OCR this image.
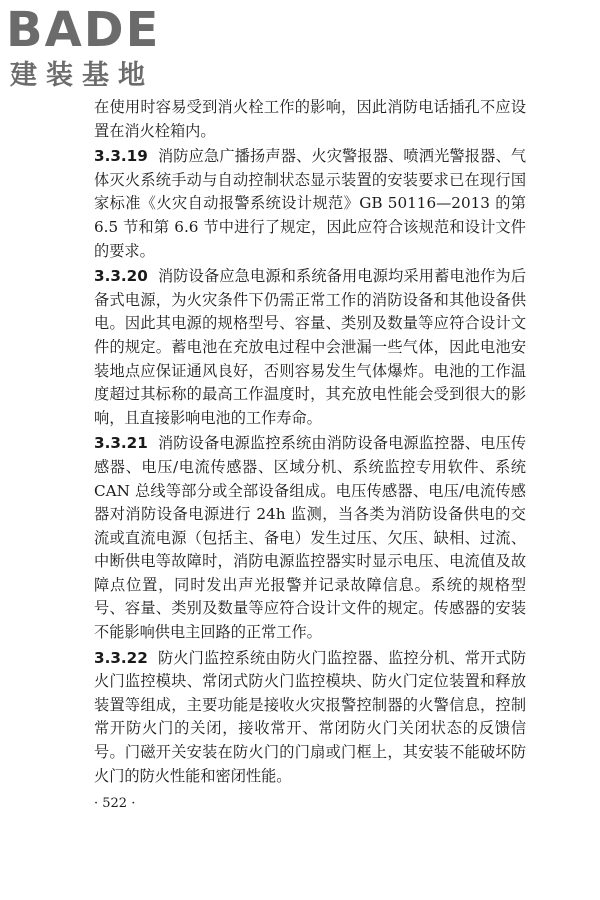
BADE
建装基地

在使用时容易受到消火栓工作的影响，因此消防电话插孔不应设置在消火栓箱内。

3.3.19 消防应急广播扬声器、火灾警报器、喷洒光警报器、气体灭火系统手动与自动控制状态显示装置的安装要求已在现行国家标准《火灾自动报警系统设计规范》GB 50116—2013 的第 6.5 节和第 6.6 节中进行了规定，因此应符合该规范和设计文件的要求。

3.3.20 消防设备应急电源和系统备用电源均采用蓄电池作为后备式电源，为火灾条件下仍需正常工作的消防设备和其他设备供电。因此其电源的规格型号、容量、类别及数量等应符合设计文件的规定。蓄电池在充放电过程中会泄漏一些气体，因此电池安装地点应保证通风良好，否则容易发生气体爆炸。电池的工作温度超过其标称的最高工作温度时，其充放电性能会受到很大的影响，且直接影响电池的工作寿命。

3.3.21 消防设备电源监控系统由消防设备电源监控器、电压传感器、电压/电流传感器、区域分机、系统监控专用软件、系统 CAN 总线等部分或全部设备组成。电压传感器、电压/电流传感器对消防设备电源进行 24h 监测，当各类为消防设备供电的交流或直流电源（包括主、备电）发生过压、欠压、缺相、过流、中断供电等故障时，消防电源监控器实时显示电压、电流值及故障点位置，同时发出声光报警并记录故障信息。系统的规格型号、容量、类别及数量等应符合设计文件的规定。传感器的安装不能影响供电主回路的正常工作。

3.3.22 防火门监控系统由防火门监控器、监控分机、常开式防火门监控模块、常闭式防火门监控模块、防火门定位装置和释放装置等组成，主要功能是接收火灾报警控制器的火警信息，控制常开防火门的关闭，接收常开、常闭防火门关闭状态的反馈信号。门磁开关安装在防火门的门扇或门框上，其安装不能破坏防火门的防火性能和密闭性能。

· 522 ·
